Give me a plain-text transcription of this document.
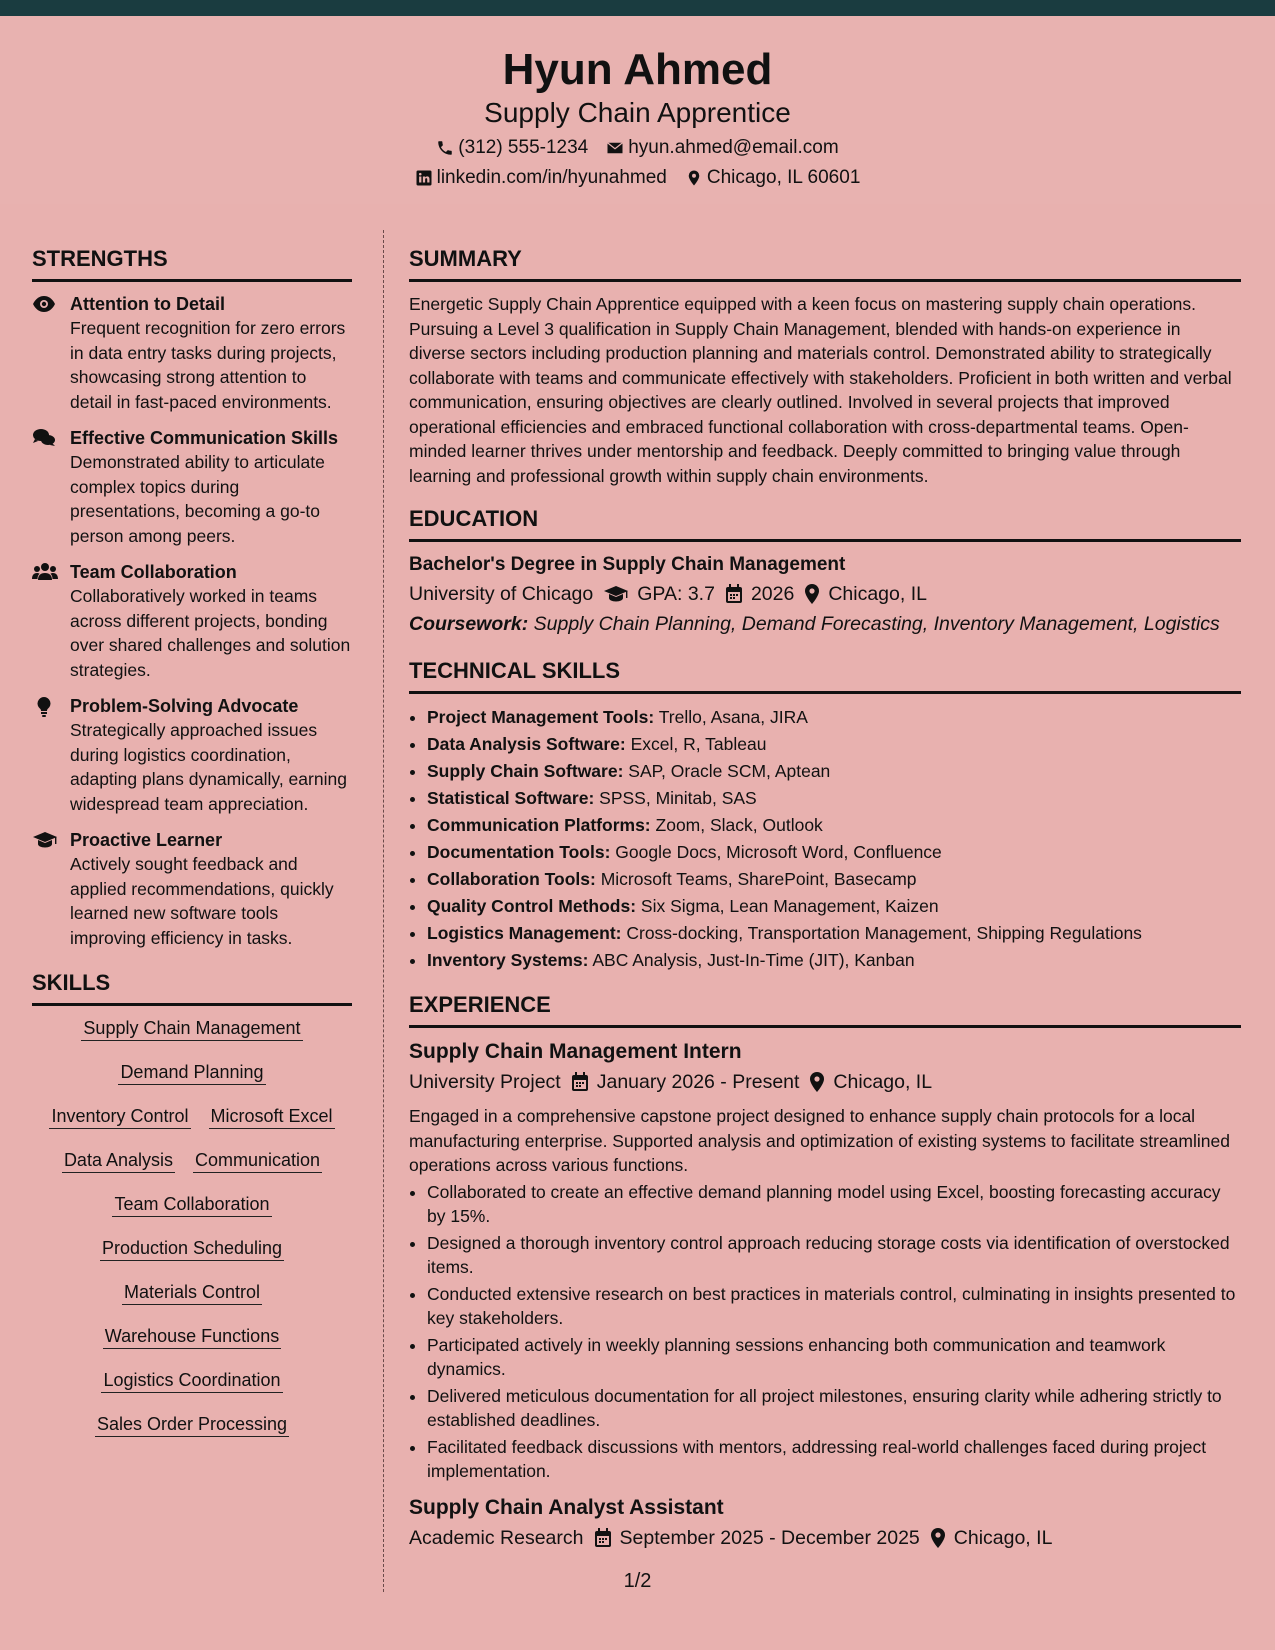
Hyun Ahmed
Supply Chain Apprentice
(312) 555-1234 hyun.ahmed@email.com
linkedin.com/in/hyunahmed Chicago, IL 60601
STRENGTHS
Attention to Detail
Frequent recognition for zero errors in data entry tasks during projects, showcasing strong attention to detail in fast-paced environments.
Effective Communication Skills
Demonstrated ability to articulate complex topics during presentations, becoming a go-to person among peers.
Team Collaboration
Collaboratively worked in teams across different projects, bonding over shared challenges and solution strategies.
Problem-Solving Advocate
Strategically approached issues during logistics coordination, adapting plans dynamically, earning widespread team appreciation.
Proactive Learner
Actively sought feedback and applied recommendations, quickly learned new software tools improving efficiency in tasks.
SKILLS
Supply Chain Management
Demand Planning
Inventory Control Microsoft Excel
Data Analysis Communication
Team Collaboration
Production Scheduling
Materials Control
Warehouse Functions
Logistics Coordination
Sales Order Processing
SUMMARY
Energetic Supply Chain Apprentice equipped with a keen focus on mastering supply chain operations. Pursuing a Level 3 qualification in Supply Chain Management, blended with hands-on experience in diverse sectors including production planning and materials control. Demonstrated ability to strategically collaborate with teams and communicate effectively with stakeholders. Proficient in both written and verbal communication, ensuring objectives are clearly outlined. Involved in several projects that improved operational efficiencies and embraced functional collaboration with cross-departmental teams. Open-minded learner thrives under mentorship and feedback. Deeply committed to bringing value through learning and professional growth within supply chain environments.
EDUCATION
Bachelor's Degree in Supply Chain Management
University of Chicago GPA: 3.7 2026 Chicago, IL
Coursework: Supply Chain Planning, Demand Forecasting, Inventory Management, Logistics
TECHNICAL SKILLS
• Project Management Tools: Trello, Asana, JIRA
• Data Analysis Software: Excel, R, Tableau
• Supply Chain Software: SAP, Oracle SCM, Aptean
• Statistical Software: SPSS, Minitab, SAS
• Communication Platforms: Zoom, Slack, Outlook
• Documentation Tools: Google Docs, Microsoft Word, Confluence
• Collaboration Tools: Microsoft Teams, SharePoint, Basecamp
• Quality Control Methods: Six Sigma, Lean Management, Kaizen
• Logistics Management: Cross-docking, Transportation Management, Shipping Regulations
• Inventory Systems: ABC Analysis, Just-In-Time (JIT), Kanban
EXPERIENCE
Supply Chain Management Intern
University Project January 2026 - Present Chicago, IL
Engaged in a comprehensive capstone project designed to enhance supply chain protocols for a local manufacturing enterprise. Supported analysis and optimization of existing systems to facilitate streamlined operations across various functions.
• Collaborated to create an effective demand planning model using Excel, boosting forecasting accuracy by 15%.
• Designed a thorough inventory control approach reducing storage costs via identification of overstocked items.
• Conducted extensive research on best practices in materials control, culminating in insights presented to key stakeholders.
• Participated actively in weekly planning sessions enhancing both communication and teamwork dynamics.
• Delivered meticulous documentation for all project milestones, ensuring clarity while adhering strictly to established deadlines.
• Facilitated feedback discussions with mentors, addressing real-world challenges faced during project implementation.
Supply Chain Analyst Assistant
Academic Research September 2025 - December 2025 Chicago, IL
1/2
